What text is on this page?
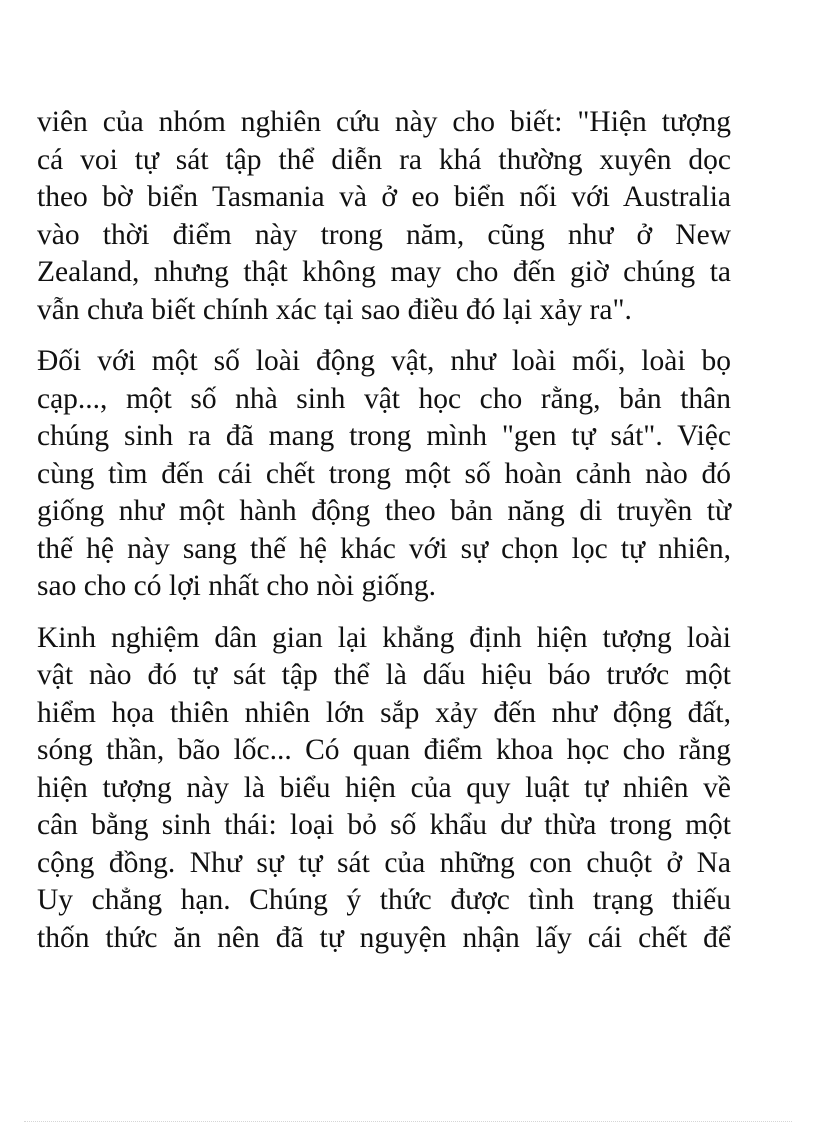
viên của nhóm nghiên cứu này cho biết: "Hiện tượng
cá voi tự sát tập thể diễn ra khá thường xuyên dọc
theo bờ biển Tasmania và ở eo biển nối với Australia
vào thời điểm này trong năm, cũng như ở New
Zealand, nhưng thật không may cho đến giờ chúng ta
vẫn chưa biết chính xác tại sao điều đó lại xảy ra".

Đối với một số loài động vật, như loài mối, loài bọ
cạp..., một số nhà sinh vật học cho rằng, bản thân
chúng sinh ra đã mang trong mình "gen tự sát". Việc
cùng tìm đến cái chết trong một số hoàn cảnh nào đó
giống như một hành động theo bản năng di truyền từ
thế hệ này sang thế hệ khác với sự chọn lọc tự nhiên,
sao cho có lợi nhất cho nòi giống.

Kinh nghiệm dân gian lại khẳng định hiện tượng loài
vật nào đó tự sát tập thể là dấu hiệu báo trước một
hiểm họa thiên nhiên lớn sắp xảy đến như động đất,
sóng thần, bão lốc... Có quan điểm khoa học cho rằng
hiện tượng này là biểu hiện của quy luật tự nhiên về
cân bằng sinh thái: loại bỏ số khẩu dư thừa trong một
cộng đồng. Như sự tự sát của những con chuột ở Na
Uy chẳng hạn. Chúng ý thức được tình trạng thiếu
thốn thức ăn nên đã tự nguyện nhận lấy cái chết để
